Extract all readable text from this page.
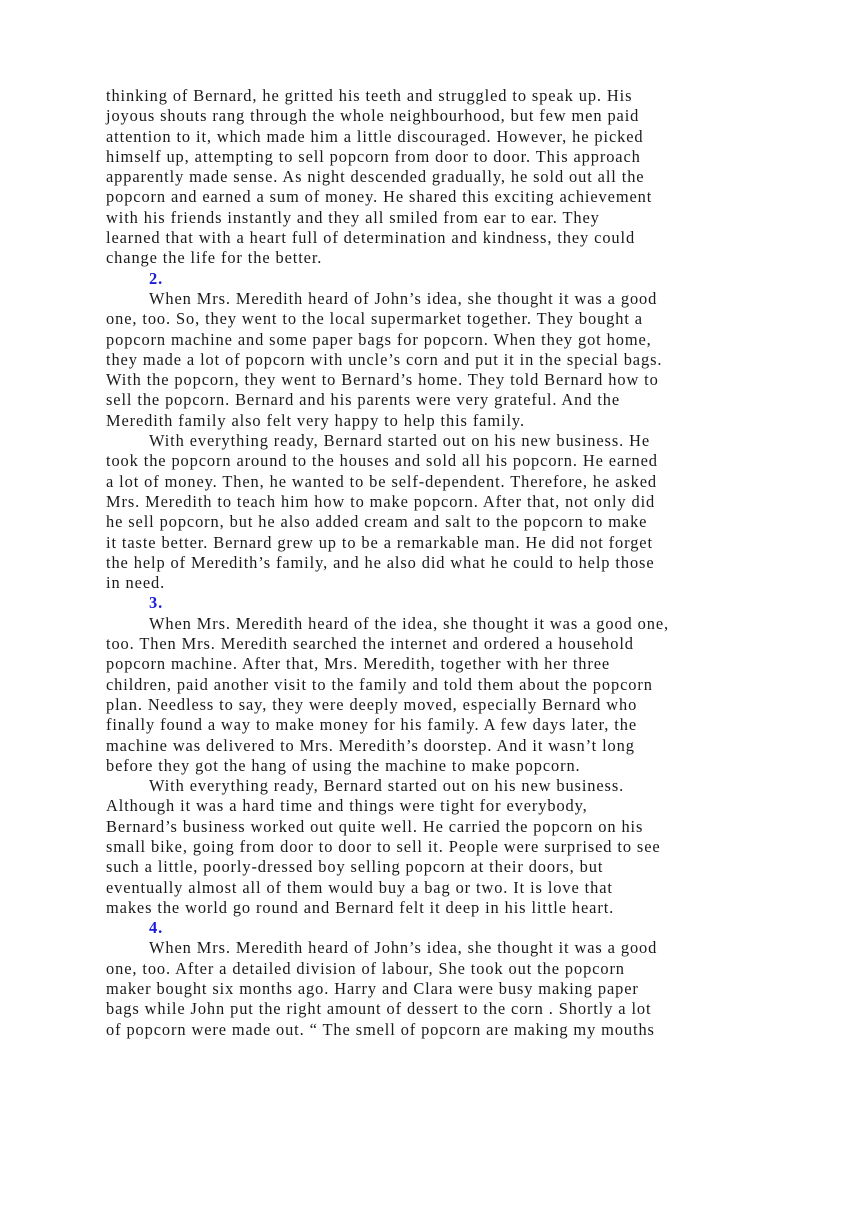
thinking of Bernard, he gritted his teeth and struggled to speak up. His

joyous shouts rang through the whole neighbourhood, but few men paid

attention to it, which made him a little discouraged. However, he picked

himself up, attempting to sell popcorn from door to door. This approach

apparently made sense. As night descended gradually, he sold out all the

popcorn and earned a sum of money. He shared this exciting achievement

with his friends instantly and they all smiled from ear to ear. They

learned that with a heart full of determination and kindness, they could

change the life for the better.

2.

When Mrs. Meredith heard of John’s idea, she thought it was a good

one, too. So, they went to the local supermarket together. They bought a

popcorn machine and some paper bags for popcorn. When they got home,

they made a lot of popcorn with uncle’s corn and put it in the special bags.

With the popcorn, they went to Bernard’s home. They told Bernard how to

sell the popcorn. Bernard and his parents were very grateful. And the

Meredith family also felt very happy to help this family.

With everything ready, Bernard started out on his new business. He

took the popcorn around to the houses and sold all his popcorn. He earned

a lot of money. Then, he wanted to be self-dependent. Therefore, he asked

Mrs. Meredith to teach him how to make popcorn. After that, not only did

he sell popcorn, but he also added cream and salt to the popcorn to make

it taste better. Bernard grew up to be a remarkable man. He did not forget

the help of Meredith’s family, and he also did what he could to help those

in need.

3.

When Mrs. Meredith heard of the idea, she thought it was a good one,

too. Then Mrs. Meredith searched the internet and ordered a household

popcorn machine. After that, Mrs. Meredith, together with her three

children, paid another visit to the family and told them about the popcorn

plan. Needless to say, they were deeply moved, especially Bernard who

finally found a way to make money for his family. A few days later, the

machine was delivered to Mrs. Meredith’s doorstep. And it wasn’t long

before they got the hang of using the machine to make popcorn.

With everything ready, Bernard started out on his new business.

Although it was a hard time and things were tight for everybody,

Bernard’s business worked out quite well. He carried the popcorn on his

small bike, going from door to door to sell it. People were surprised to see

such a little, poorly-dressed boy selling popcorn at their doors, but

eventually almost all of them would buy a bag or two. It is love that

makes the world go round and Bernard felt it deep in his little heart.

4.

When Mrs. Meredith heard of John’s idea, she thought it was a good

one, too. After a detailed division of labour, She took out the popcorn

maker bought six months ago. Harry and Clara were busy making paper

bags while John put the right amount of dessert to the corn . Shortly a lot

of popcorn were made out. “ The smell of popcorn are making my mouths
